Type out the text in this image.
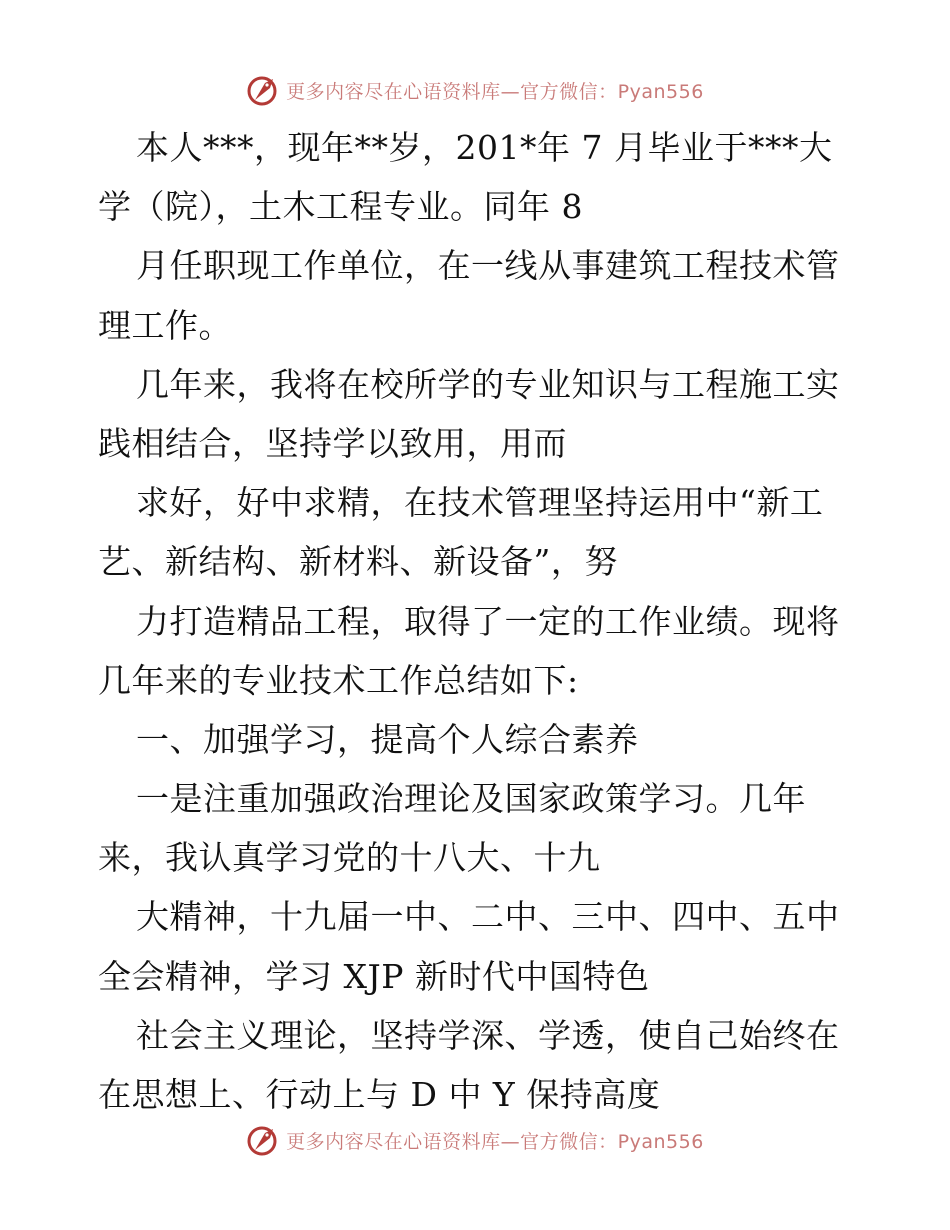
更多内容尽在心语资料库—官方微信：Pyan556
本人***，现年**岁，201*年 7 月毕业于***大
学（院），土木工程专业。同年 8
月任职现工作单位，在一线从事建筑工程技术管
理工作。
几年来，我将在校所学的专业知识与工程施工实
践相结合，坚持学以致用，用而
求好，好中求精，在技术管理坚持运用中“新工
艺、新结构、新材料、新设备”，努
力打造精品工程，取得了一定的工作业绩。现将
几年来的专业技术工作总结如下:
一、加强学习，提高个人综合素养
一是注重加强政治理论及国家政策学习。几年
来，我认真学习党的十八大、十九
大精神，十九届一中、二中、三中、四中、五中
全会精神，学习 XJP 新时代中国特色
社会主义理论，坚持学深、学透，使自己始终在
在思想上、行动上与 D 中 Y 保持高度
更多内容尽在心语资料库—官方微信：Pyan556
